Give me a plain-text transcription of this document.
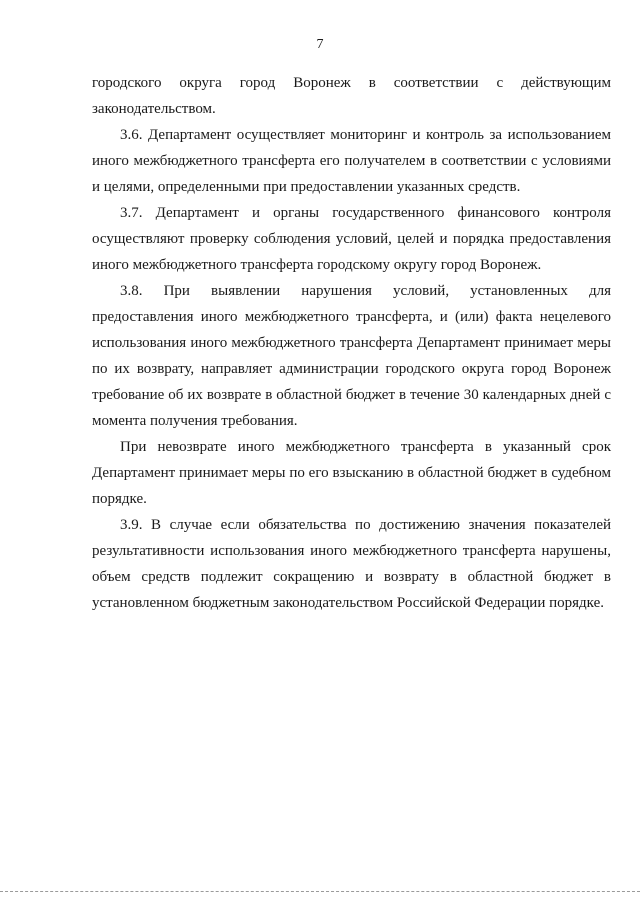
7

городского округа город Воронеж в соответствии с действующим законодательством.

3.6. Департамент осуществляет мониторинг и контроль за использованием иного межбюджетного трансферта его получателем в соответствии с условиями и целями, определенными при предоставлении указанных средств.

3.7. Департамент и органы государственного финансового контроля осуществляют проверку соблюдения условий, целей и порядка предоставления иного межбюджетного трансферта городскому округу город Воронеж.

3.8. При выявлении нарушения условий, установленных для предоставления иного межбюджетного трансферта, и (или) факта нецелевого использования иного межбюджетного трансферта Департамент принимает меры по их возврату, направляет администрации городского округа город Воронеж требование об их возврате в областной бюджет в течение 30 календарных дней с момента получения требования.

При невозврате иного межбюджетного трансферта в указанный срок Департамент принимает меры по его взысканию в областной бюджет в судебном порядке.

3.9. В случае если обязательства по достижению значения показателей результативности использования иного межбюджетного трансферта нарушены, объем средств подлежит сокращению и возврату в областной бюджет в установленном бюджетным законодательством Российской Федерации порядке.
